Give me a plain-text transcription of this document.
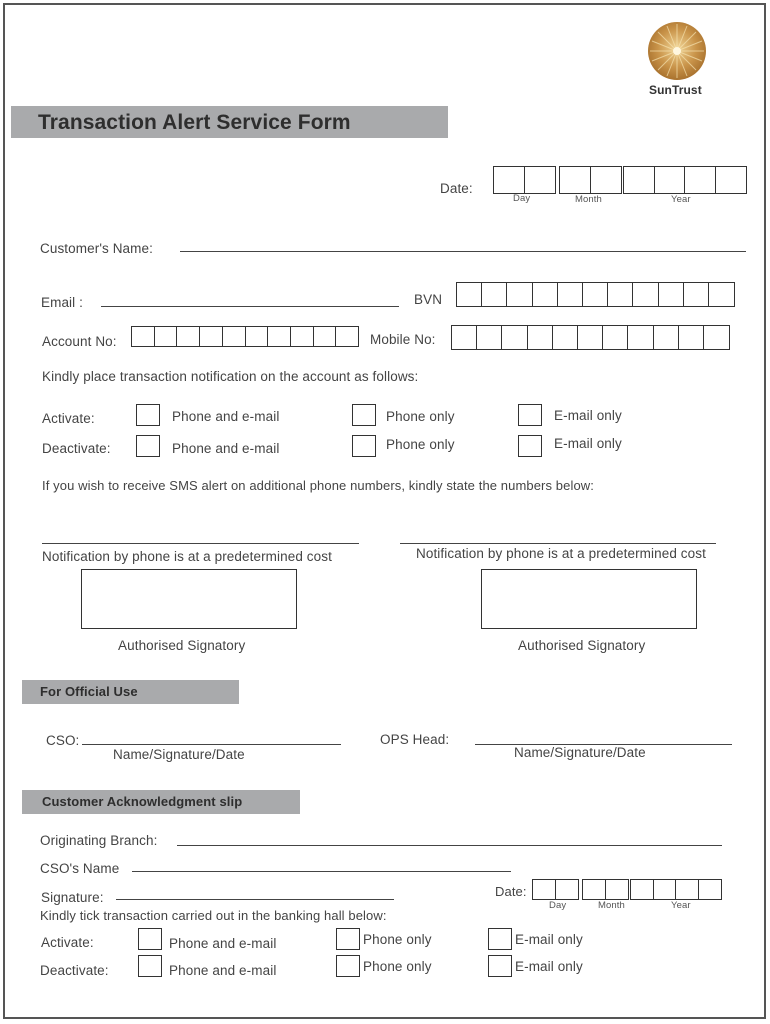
SunTrust
Transaction Alert Service Form
Date:
Day	Month	Year
Customer's Name:
Email :	BVN
Account No:	Mobile No:
Kindly place transaction notification on the account as follows:
Activate:	Phone and e-mail	Phone only	E-mail only
Deactivate:	Phone and e-mail	Phone only	E-mail only
If you wish to receive SMS alert on additional phone numbers, kindly state the numbers below:
Notification by phone is at a predetermined cost	Notification by phone is at a predetermined cost
Authorised Signatory	Authorised Signatory
For Official Use
CSO:
Name/Signature/Date
OPS Head:
Name/Signature/Date
Customer Acknowledgment slip
Originating Branch:
CSO's Name
Signature:	Date:
Day	Month	Year
Kindly tick transaction carried out in the banking hall below:
Activate:	Phone and e-mail	Phone only	E-mail only
Deactivate:	Phone and e-mail	Phone only	E-mail only
